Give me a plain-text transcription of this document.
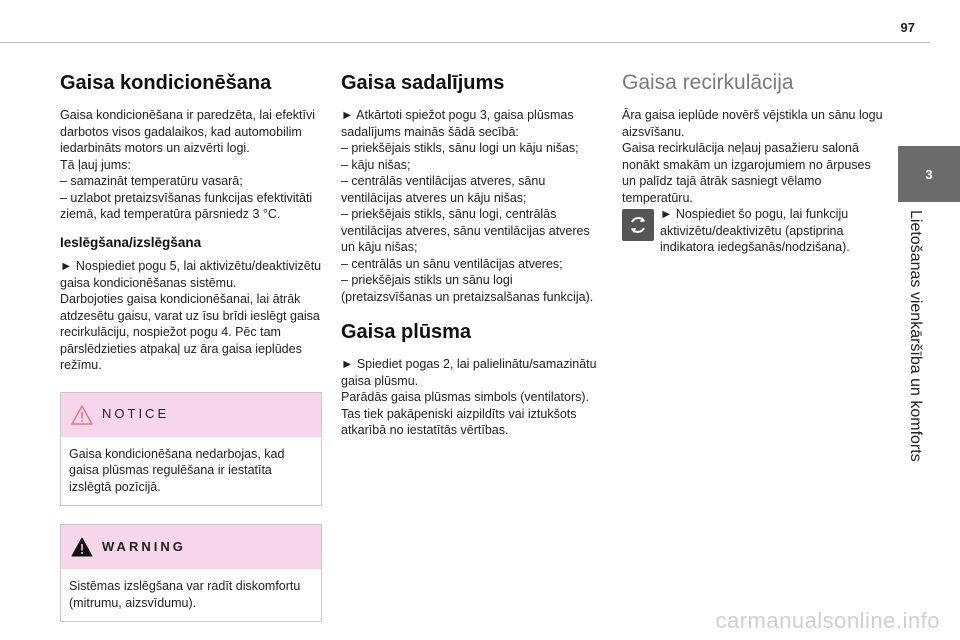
97
3
Lietošanas vienkāršība un komforts
Gaisa kondicionēšana

Gaisa kondicionēšana ir paredzēta, lai efektīvi darbotos visos gadalaikos, kad automobilim iedarbināts motors un aizvērti logi.

Tā ļauj jums:

– samazināt temperatūru vasarā;

– uzlabot pretaizsvīšanas funkcijas efektivitāti ziemā, kad temperatūra pārsniedz 3 °C.

Ieslēgšana/izslēgšana

► Nospiediet pogu 5, lai aktivizētu/deaktivizētu gaisa kondicionēšanas sistēmu.

Darbojoties gaisa kondicionēšanai, lai ātrāk atdzesētu gaisu, varat uz īsu brīdi ieslēgt gaisa recirkulāciju, nospiežot pogu 4. Pēc tam pārslēdzieties atpakaļ uz āra gaisa ieplūdes režīmu.

NOTICE
Gaisa kondicionēšana nedarbojas, kad gaisa plūsmas regulēšana ir iestatīta izslēgtā pozīcijā.
WARNING
Sistēmas izslēgšana var radīt diskomfortu (mitrumu, aizsvīdumu).
Gaisa sadalījums

► Atkārtoti spiežot pogu 3, gaisa plūsmas sadalījums mainās šādā secībā:

– priekšējais stikls, sānu logi un kāju nišas;

– kāju nišas;

– centrālās ventilācijas atveres, sānu ventilācijas atveres un kāju nišas;

– priekšējais stikls, sānu logi, centrālās ventilācijas atveres, sānu ventilācijas atveres un kāju nišas;

– centrālās un sānu ventilācijas atveres;

– priekšējais stikls un sānu logi (pretaizsvīšanas un pretaizsalšanas funkcija).

Gaisa plūsma

► Spiediet pogas 2, lai palielinātu/samazinātu gaisa plūsmu.

Parādās gaisa plūsmas simbols (ventilators). Tas tiek pakāpeniski aizpildīts vai iztukšots atkarībā no iestatītās vērtības.

Gaisa recirkulācija

Āra gaisa ieplūde novērš vējstikla un sānu logu aizsvīšanu.

Gaisa recirkulācija neļauj pasažieru salonā nonākt smakām un izgarojumiem no ārpuses un palīdz tajā ātrāk sasniegt vēlamo temperatūru.

► Nospiediet šo pogu, lai funkciju aktivizētu/deaktivizētu (apstiprina indikatora iedegšanās/nodzišana).

carmanualsonline.info
